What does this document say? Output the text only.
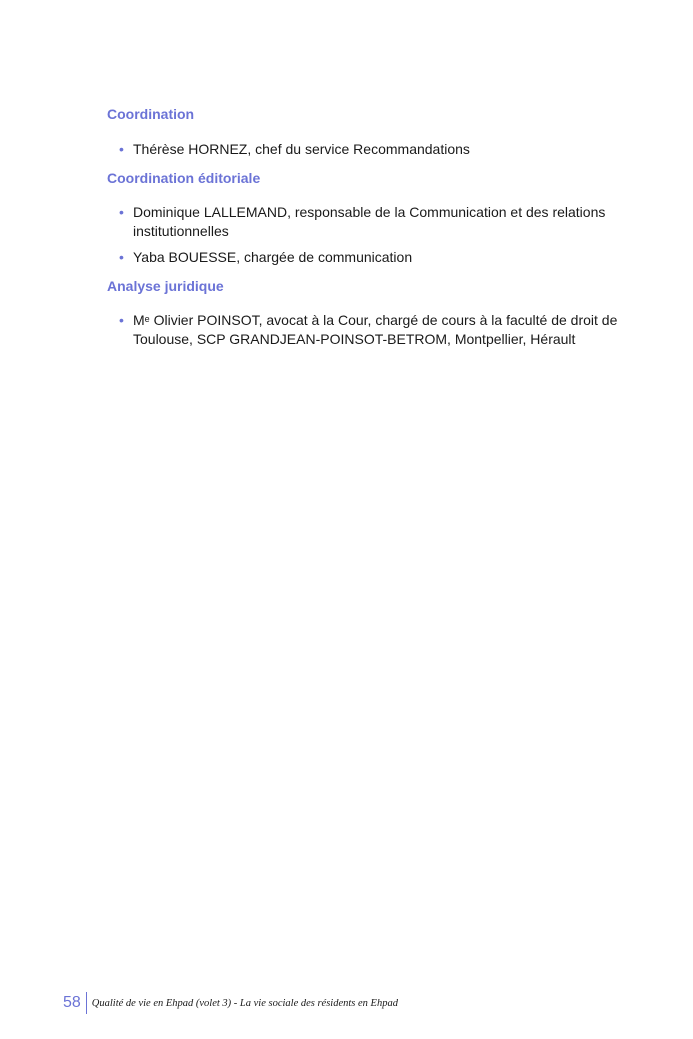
Coordination
• Thérèse HORNEZ, chef du service Recommandations
Coordination éditoriale
• Dominique LALLEMAND, responsable de la Communication et des relations institutionnelles
• Yaba BOUESSE, chargée de communication
Analyse juridique
• Me Olivier POINSOT, avocat à la Cour, chargé de cours à la faculté de droit de Toulouse, SCP GRANDJEAN-POINSOT-BETROM, Montpellier, Hérault
58	Qualité de vie en Ehpad (volet 3) - La vie sociale des résidents en Ehpad
